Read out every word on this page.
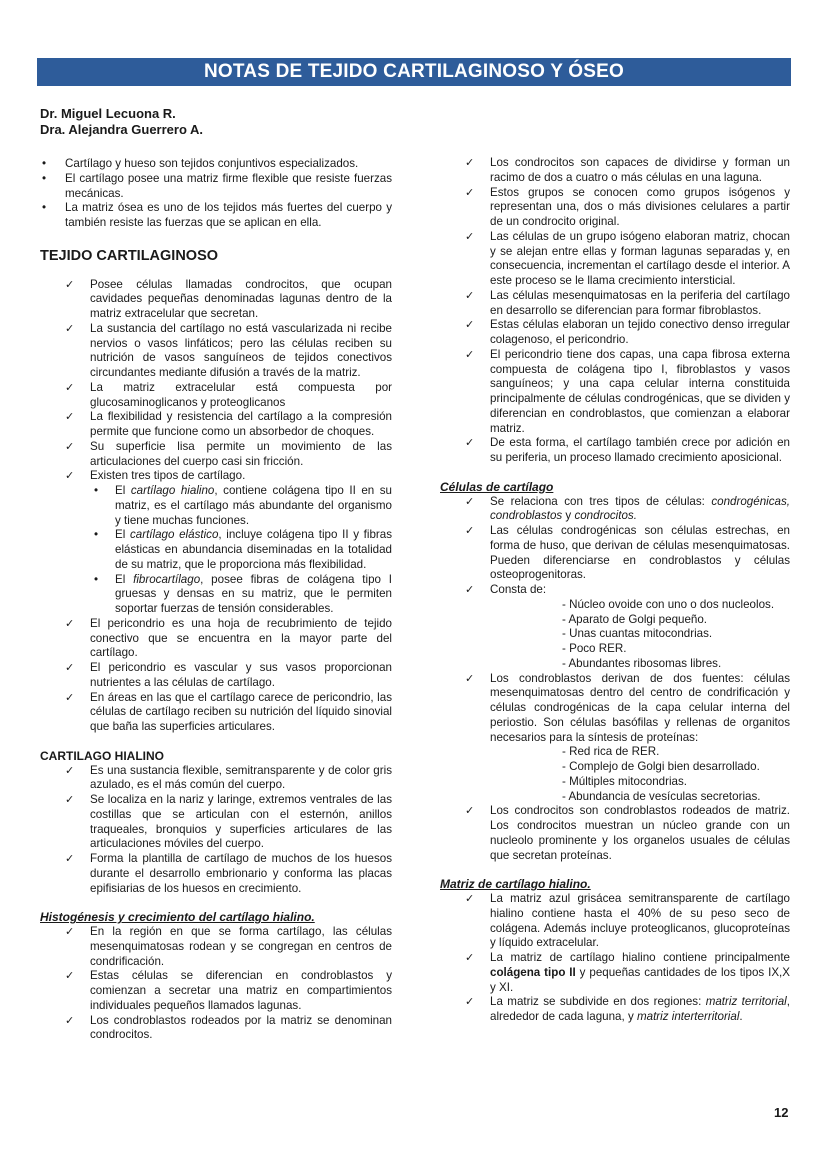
NOTAS DE TEJIDO CARTILAGINOSO Y ÓSEO
Dr. Miguel Lecuona R.
Dra. Alejandra Guerrero A.
• Cartílago y hueso son tejidos conjuntivos especializados.
• El cartílago posee una matriz firme flexible que resiste fuerzas mecánicas.
• La matriz ósea es uno de los tejidos más fuertes del cuerpo y también resiste las fuerzas que se aplican en ella.
TEJIDO CARTILAGINOSO
✓ Posee células llamadas condrocitos, que ocupan cavidades pequeñas denominadas lagunas dentro de la matriz extracelular que secretan.
✓ La sustancia del cartílago no está vascularizada ni recibe nervios o vasos linfáticos; pero las células reciben su nutrición de vasos sanguíneos de tejidos conectivos circundantes mediante difusión a través de la matriz.
✓ La matriz extracelular está compuesta por glucosaminoglicanos y proteoglicanos
✓ La flexibilidad y resistencia del cartílago a la compresión permite que funcione como un absorbedor de choques.
✓ Su superficie lisa permite un movimiento de las articulaciones del cuerpo casi sin fricción.
✓ Existen tres tipos de cartílago.
• El cartílago hialino, contiene colágena tipo II en su matriz, es el cartílago más abundante del organismo y tiene muchas funciones.
• El cartílago elástico, incluye colágena tipo II y fibras elásticas en abundancia diseminadas en la totalidad de su matriz, que le proporciona más flexibilidad.
• El fibrocartílago, posee fibras de colágena tipo I gruesas y densas en su matriz, que le permiten soportar fuerzas de tensión considerables.
✓ El pericondrio es una hoja de recubrimiento de tejido conectivo que se encuentra en la mayor parte del cartílago.
✓ El pericondrio es vascular y sus vasos proporcionan nutrientes a las células de cartílago.
✓ En áreas en las que el cartílago carece de pericondrio, las células de cartílago reciben su nutrición del líquido sinovial que baña las superficies articulares.
CARTILAGO HIALINO
✓ Es una sustancia flexible, semitransparente y de color gris azulado, es el más común del cuerpo.
✓ Se localiza en la nariz y laringe, extremos ventrales de las costillas que se articulan con el esternón, anillos traqueales, bronquios y superficies articulares de las articulaciones móviles del cuerpo.
✓ Forma la plantilla de cartílago de muchos de los huesos durante el desarrollo embrionario y conforma las placas epifisiarias de los huesos en crecimiento.
Histogénesis y crecimiento del cartílago hialino.
✓ En la región en que se forma cartílago, las células mesenquimatosas rodean y se congregan en centros de condrificación.
✓ Estas células se diferencian en condroblastos y comienzan a secretar una matriz en compartimientos individuales pequeños llamados lagunas.
✓ Los condroblastos rodeados por la matriz se denominan condrocitos.
✓ Los condrocitos son capaces de dividirse y forman un racimo de dos a cuatro o más células en una laguna.
✓ Estos grupos se conocen como grupos isógenos y representan una, dos o más divisiones celulares a partir de un condrocito original.
✓ Las células de un grupo isógeno elaboran matriz, chocan y se alejan entre ellas y forman lagunas separadas y, en consecuencia, incrementan el cartílago desde el interior. A este proceso se le llama crecimiento intersticial.
✓ Las células mesenquimatosas en la periferia del cartílago en desarrollo se diferencian para formar fibroblastos.
✓ Estas células elaboran un tejido conectivo denso irregular colagenoso, el pericondrio.
✓ El pericondrio tiene dos capas, una capa fibrosa externa compuesta de colágena tipo I, fibroblastos y vasos sanguíneos; y una capa celular interna constituida principalmente de células condrogénicas, que se dividen y diferencian en condroblastos, que comienzan a elaborar matriz.
✓ De esta forma, el cartílago también crece por adición en su periferia, un proceso llamado crecimiento aposicional.
Células de cartílago
✓ Se relaciona con tres tipos de células: condrogénicas, condroblastos y condrocitos.
✓ Las células condrogénicas son células estrechas, en forma de huso, que derivan de células mesenquimatosas. Pueden diferenciarse en condroblastos y células osteoprogenitoras.
✓ Consta de:
- Núcleo ovoide con uno o dos nucleolos.
- Aparato de Golgi pequeño.
- Unas cuantas mitocondrias.
- Poco RER.
- Abundantes ribosomas libres.
✓ Los condroblastos derivan de dos fuentes: células mesenquimatosas dentro del centro de condrificación y células condrogénicas de la capa celular interna del periostio. Son células basófilas y rellenas de organitos necesarios para la síntesis de proteínas:
- Red rica de RER.
- Complejo de Golgi bien desarrollado.
- Múltiples mitocondrias.
- Abundancia de vesículas secretorias.
✓ Los condrocitos son condroblastos rodeados de matriz. Los condrocitos muestran un núcleo grande con un nucleolo prominente y los organelos usuales de células que secretan proteínas.
Matriz de cartílago hialino.
✓ La matriz azul grisácea semitransparente de cartílago hialino contiene hasta el 40% de su peso seco de colágena. Además incluye proteoglicanos, glucoproteínas y líquido extracelular.
✓ La matriz de cartílago hialino contiene principalmente colágena tipo II y pequeñas cantidades de los tipos IX,X y XI.
✓ La matriz se subdivide en dos regiones: matriz territorial, alrededor de cada laguna, y matriz interterritorial.
12
